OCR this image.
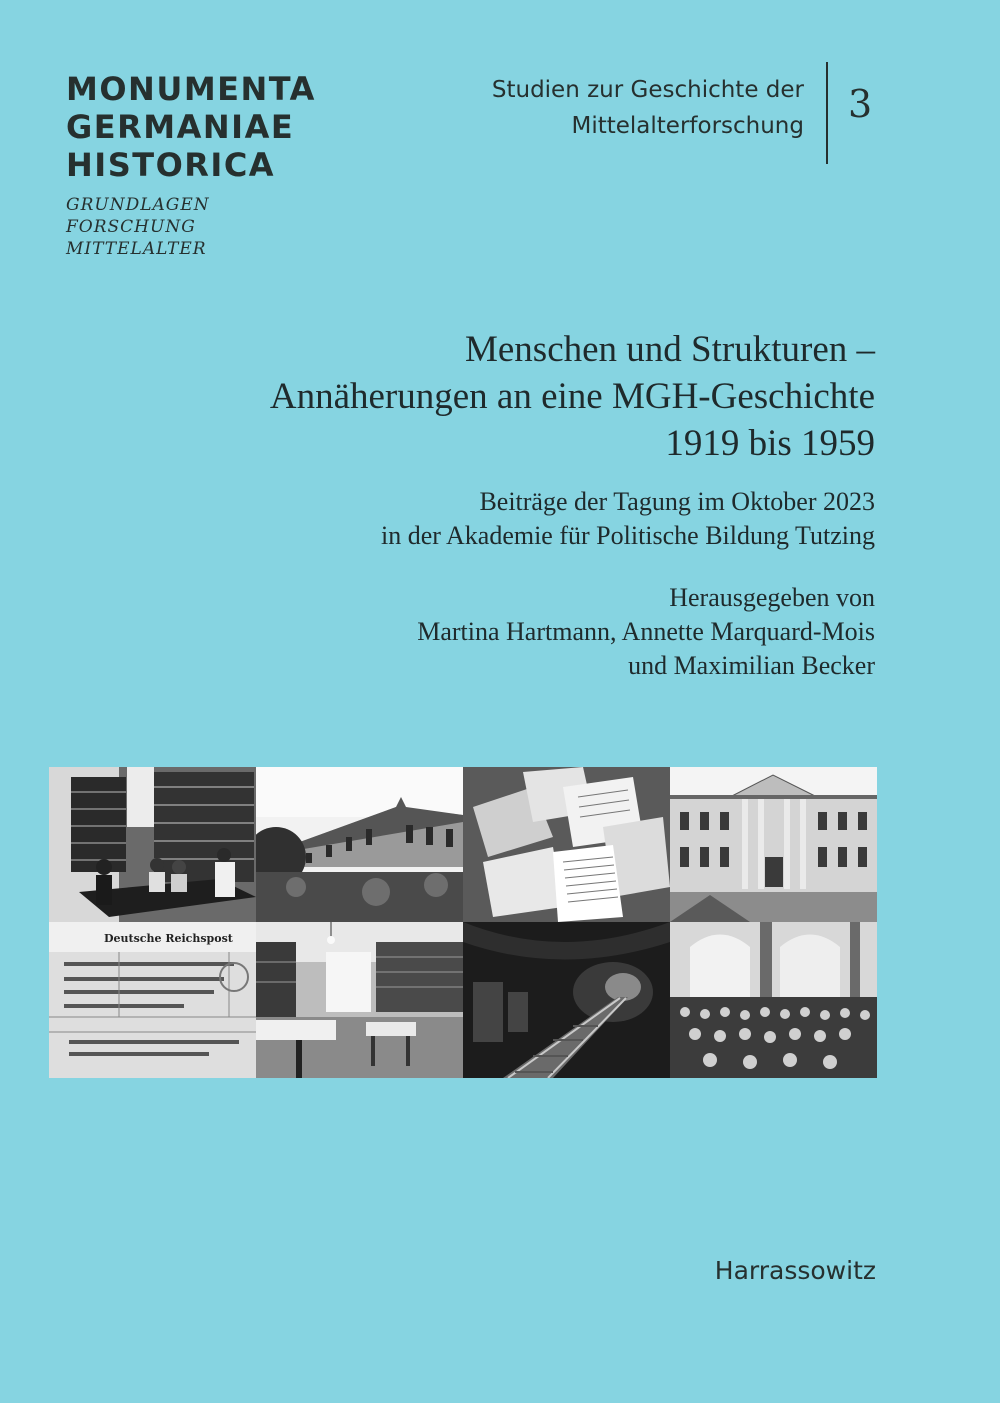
MONUMENTA
GERMANIAE
HISTORICA
GRUNDLAGEN
FORSCHUNG
MITTELALTER
Studien zur Geschichte der
Mittelalterforschung 3
Menschen und Strukturen –
Annäherungen an eine MGH-Geschichte
1919 bis 1959
Beiträge der Tagung im Oktober 2023
in der Akademie für Politische Bildung Tutzing
Herausgegeben von
Martina Hartmann, Annette Marquard-Mois
und Maximilian Becker
Deutsche Reichspost
Harrassowitz
